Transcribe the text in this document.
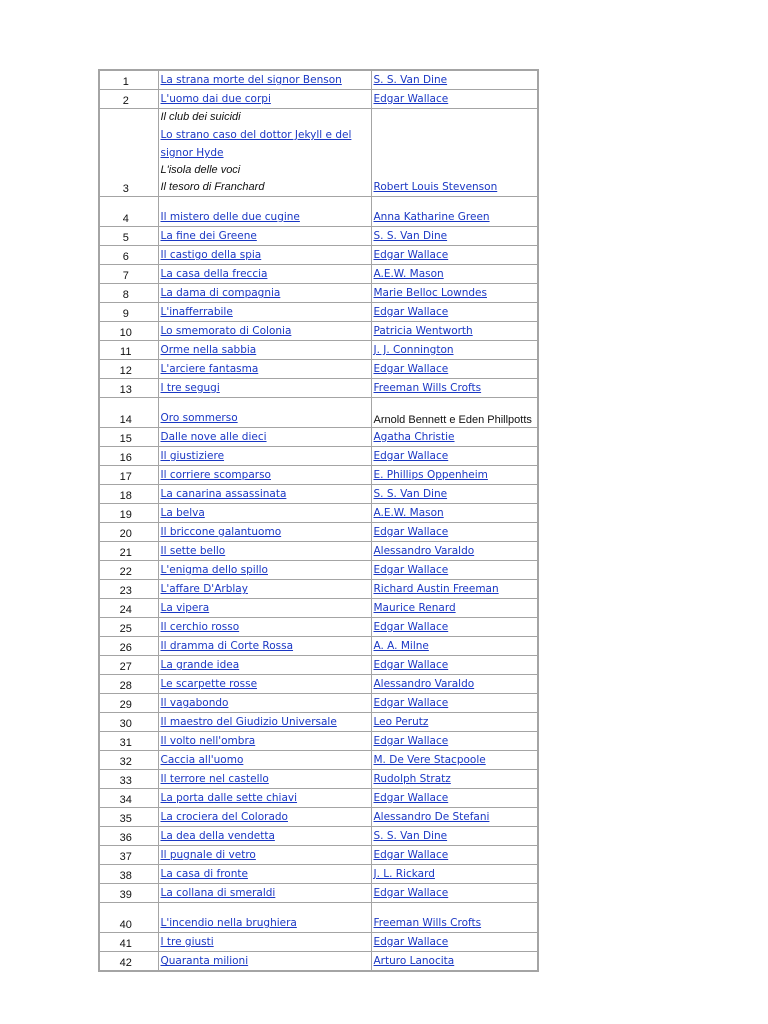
1	La strana morte del signor Benson	S. S. Van Dine

2	L'uomo dai due corpi	Edgar Wallace

3	Il club dei suicidi
Lo strano caso del dottor Jekyll e del
signor Hyde
L'isola delle voci
Il tesoro di Franchard	Robert Louis Stevenson

4	Il mistero delle due cugine	Anna Katharine Green

5	La fine dei Greene	S. S. Van Dine

6	Il castigo della spia	Edgar Wallace

7	La casa della freccia	A.E.W. Mason

8	La dama di compagnia	Marie Belloc Lowndes

9	L'inafferrabile	Edgar Wallace

10	Lo smemorato di Colonia	Patricia Wentworth

11	Orme nella sabbia	J. J. Connington

12	L'arciere fantasma	Edgar Wallace

13	I tre segugi	Freeman Wills Crofts

14	Oro sommerso	Arnold Bennett e Eden Phillpotts

15	Dalle nove alle dieci	Agatha Christie

16	Il giustiziere	Edgar Wallace

17	Il corriere scomparso	E. Phillips Oppenheim

18	La canarina assassinata	S. S. Van Dine

19	La belva	A.E.W. Mason

20	Il briccone galantuomo	Edgar Wallace

21	Il sette bello	Alessandro Varaldo

22	L'enigma dello spillo	Edgar Wallace

23	L'affare D'Arblay	Richard Austin Freeman

24	La vipera	Maurice Renard

25	Il cerchio rosso	Edgar Wallace

26	Il dramma di Corte Rossa	A. A. Milne

27	La grande idea	Edgar Wallace

28	Le scarpette rosse	Alessandro Varaldo

29	Il vagabondo	Edgar Wallace

30	Il maestro del Giudizio Universale	Leo Perutz

31	Il volto nell'ombra	Edgar Wallace

32	Caccia all'uomo	M. De Vere Stacpoole

33	Il terrore nel castello	Rudolph Stratz

34	La porta dalle sette chiavi	Edgar Wallace

35	La crociera del Colorado	Alessandro De Stefani

36	La dea della vendetta	S. S. Van Dine

37	Il pugnale di vetro	Edgar Wallace

38	La casa di fronte	J. L. Rickard

39	La collana di smeraldi	Edgar Wallace

40	L'incendio nella brughiera	Freeman Wills Crofts

41	I tre giusti	Edgar Wallace

42	Quaranta milioni	Arturo Lanocita
